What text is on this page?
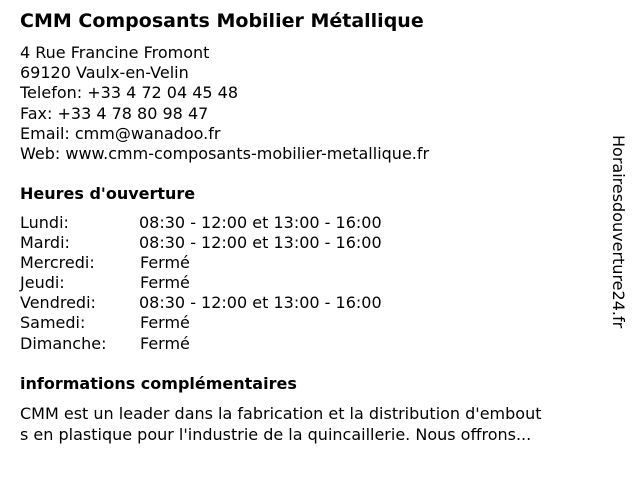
CMM Composants Mobilier Métallique
4 Rue Francine Fromont
69120 Vaulx-en-Velin
Telefon: +33 4 72 04 45 48
Fax: +33 4 78 80 98 47
Email: cmm@wanadoo.fr
Web: www.cmm-composants-mobilier-metallique.fr
Heures d'ouverture
Lundi:	08:30 - 12:00 et 13:00 - 16:00
Mardi:	08:30 - 12:00 et 13:00 - 16:00
Mercredi:	Fermé
Jeudi:	Fermé
Vendredi:	08:30 - 12:00 et 13:00 - 16:00
Samedi:	Fermé
Dimanche: Fermé
informations complémentaires
CMM est un leader dans la fabrication et la distribution d'embout
s en plastique pour l'industrie de la quincaillerie. Nous offrons...
Horairesdouverture24.fr
